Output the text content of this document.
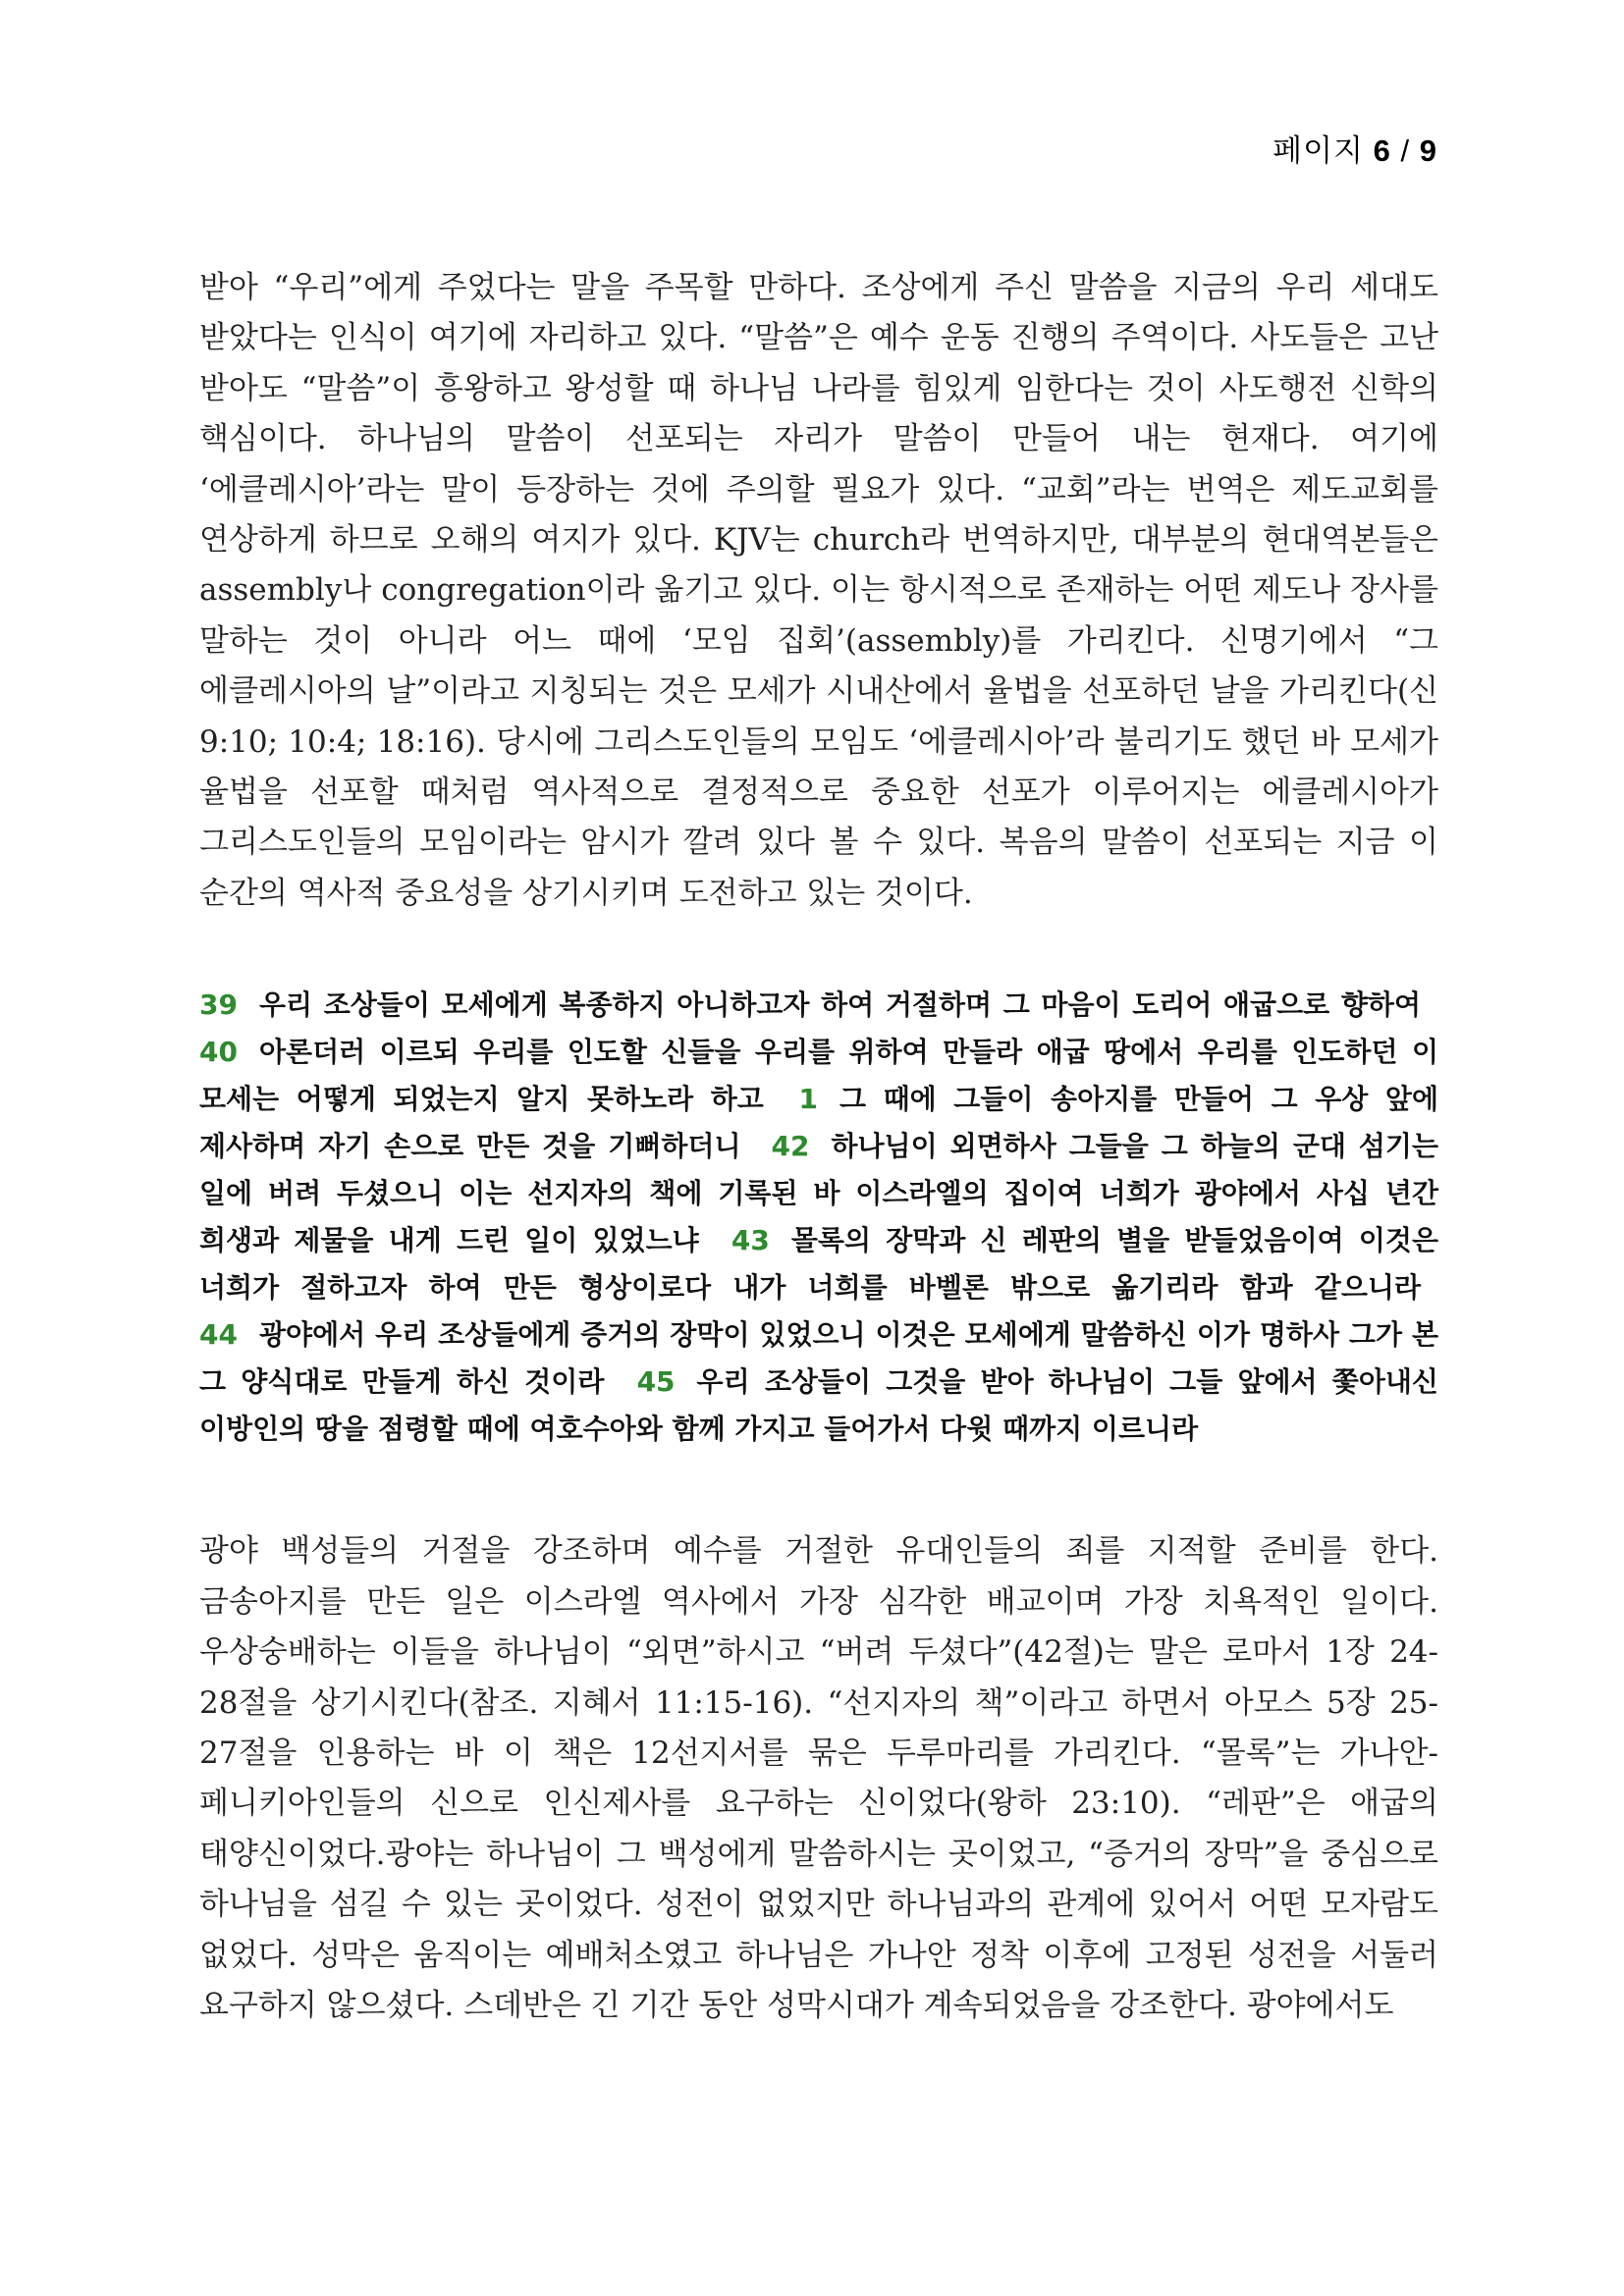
페이지 6 / 9

받아 “우리”에게 주었다는 말을 주목할 만하다. 조상에게 주신 말씀을 지금의 우리 세대도 받았다는 인식이 여기에 자리하고 있다. “말씀”은 예수 운동 진행의 주역이다. 사도들은 고난 받아도 “말씀”이 흥왕하고 왕성할 때 하나님 나라를 힘있게 임한다는 것이 사도행전 신학의 핵심이다. 하나님의 말씀이 선포되는 자리가 말씀이 만들어 내는 현재다. 여기에 ‘에클레시아’라는 말이 등장하는 것에 주의할 필요가 있다. “교회”라는 번역은 제도교회를 연상하게 하므로 오해의 여지가 있다. KJV는 church라 번역하지만, 대부분의 현대역본들은 assembly나 congregation이라 옮기고 있다. 이는 항시적으로 존재하는 어떤 제도나 장사를 말하는 것이 아니라 어느 때에 ‘모임 집회’(assembly)를 가리킨다. 신명기에서 “그 에클레시아의 날”이라고 지칭되는 것은 모세가 시내산에서 율법을 선포하던 날을 가리킨다(신 9:10; 10:4; 18:16). 당시에 그리스도인들의 모임도 ‘에클레시아’라 불리기도 했던 바 모세가 율법을 선포할 때처럼 역사적으로 결정적으로 중요한 선포가 이루어지는 에클레시아가 그리스도인들의 모임이라는 암시가 깔려 있다 볼 수 있다. 복음의 말씀이 선포되는 지금 이 순간의 역사적 중요성을 상기시키며 도전하고 있는 것이다.

39 우리 조상들이 모세에게 복종하지 아니하고자 하여 거절하며 그 마음이 도리어 애굽으로 향하여 40 아론더러 이르되 우리를 인도할 신들을 우리를 위하여 만들라 애굽 땅에서 우리를 인도하던 이 모세는 어떻게 되었는지 알지 못하노라 하고 1 그 때에 그들이 송아지를 만들어 그 우상 앞에 제사하며 자기 손으로 만든 것을 기뻐하더니 42 하나님이 외면하사 그들을 그 하늘의 군대 섬기는 일에 버려 두셨으니 이는 선지자의 책에 기록된 바 이스라엘의 집이여 너희가 광야에서 사십 년간 희생과 제물을 내게 드린 일이 있었느냐 43 몰록의 장막과 신 레판의 별을 받들었음이여 이것은 너희가 절하고자 하여 만든 형상이로다 내가 너희를 바벨론 밖으로 옮기리라 함과 같으니라 44 광야에서 우리 조상들에게 증거의 장막이 있었으니 이것은 모세에게 말씀하신 이가 명하사 그가 본 그 양식대로 만들게 하신 것이라 45 우리 조상들이 그것을 받아 하나님이 그들 앞에서 쫓아내신 이방인의 땅을 점령할 때에 여호수아와 함께 가지고 들어가서 다윗 때까지 이르니라

광야 백성들의 거절을 강조하며 예수를 거절한 유대인들의 죄를 지적할 준비를 한다. 금송아지를 만든 일은 이스라엘 역사에서 가장 심각한 배교이며 가장 치욕적인 일이다. 우상숭배하는 이들을 하나님이 “외면”하시고 “버려 두셨다”(42절)는 말은 로마서 1장 24-28절을 상기시킨다(참조. 지혜서 11:15-16). “선지자의 책”이라고 하면서 아모스 5장 25-27절을 인용하는 바 이 책은 12선지서를 묶은 두루마리를 가리킨다. “몰록”는 가나안-페니키아인들의 신으로 인신제사를 요구하는 신이었다(왕하 23:10). “레판”은 애굽의 태양신이었다.광야는 하나님이 그 백성에게 말씀하시는 곳이었고, “증거의 장막”을 중심으로 하나님을 섬길 수 있는 곳이었다. 성전이 없었지만 하나님과의 관계에 있어서 어떤 모자람도 없었다. 성막은 움직이는 예배처소였고 하나님은 가나안 정착 이후에 고정된 성전을 서둘러 요구하지 않으셨다. 스데반은 긴 기간 동안 성막시대가 계속되었음을 강조한다. 광야에서도
